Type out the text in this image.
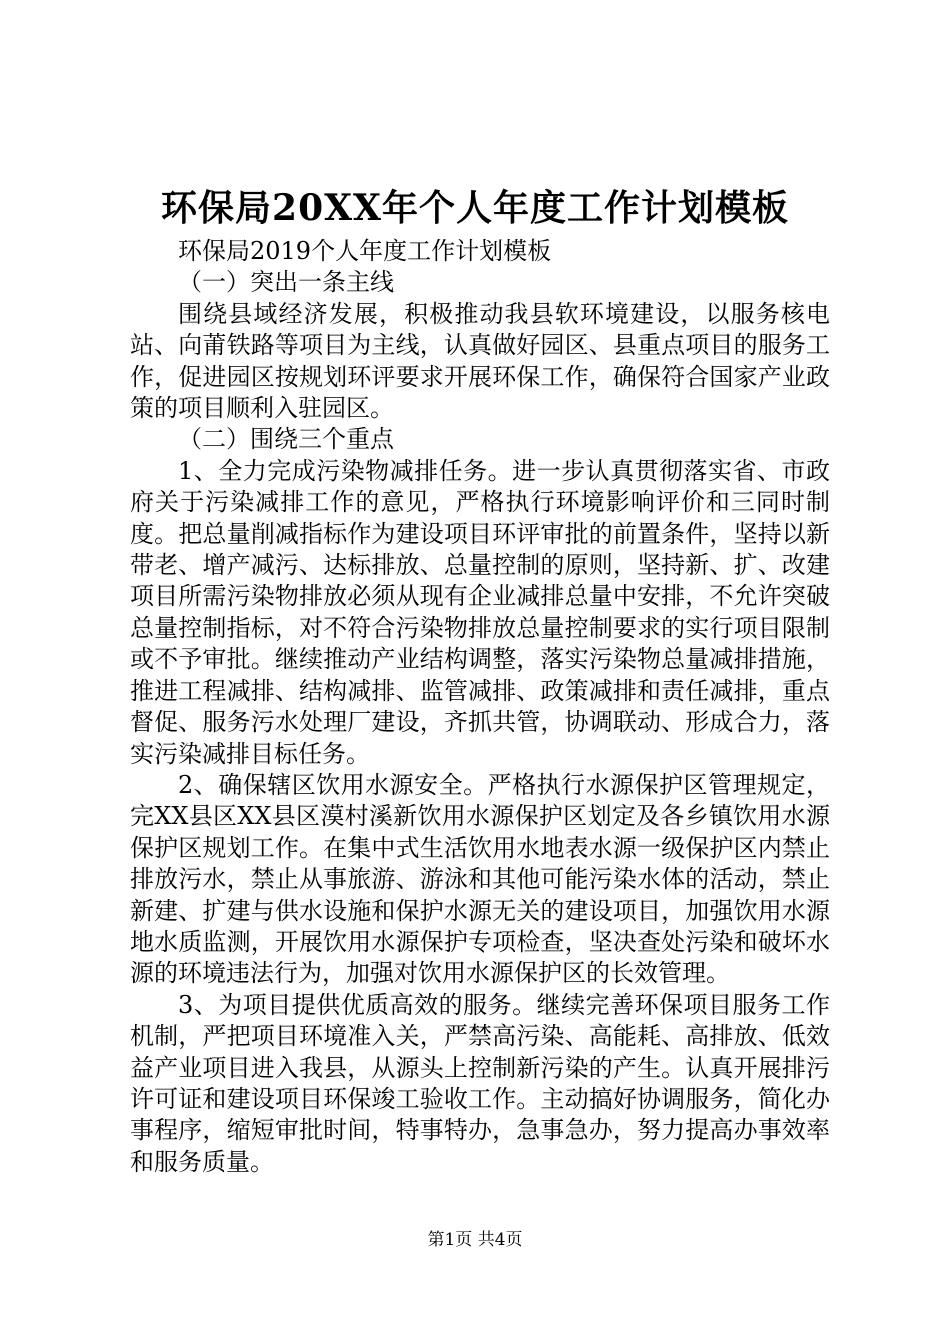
环保局20XX年个人年度工作计划模板

环保局2019个人年度工作计划模板

（一）突出一条主线

围绕县域经济发展，积极推动我县软环境建设，以服务核电站、向莆铁路等项目为主线，认真做好园区、县重点项目的服务工作，促进园区按规划环评要求开展环保工作，确保符合国家产业政策的项目顺利入驻园区。

（二）围绕三个重点

1、全力完成污染物减排任务。进一步认真贯彻落实省、市政府关于污染减排工作的意见，严格执行环境影响评价和三同时制度。把总量削减指标作为建设项目环评审批的前置条件，坚持以新带老、增产减污、达标排放、总量控制的原则，坚持新、扩、改建项目所需污染物排放必须从现有企业减排总量中安排，不允许突破总量控制指标，对不符合污染物排放总量控制要求的实行项目限制或不予审批。继续推动产业结构调整，落实污染物总量减排措施，推进工程减排、结构减排、监管减排、政策减排和责任减排，重点督促、服务污水处理厂建设，齐抓共管，协调联动、形成合力，落实污染减排目标任务。

2、确保辖区饮用水源安全。严格执行水源保护区管理规定，完XX县区XX县区漠村溪新饮用水源保护区划定及各乡镇饮用水源保护区规划工作。在集中式生活饮用水地表水源一级保护区内禁止排放污水，禁止从事旅游、游泳和其他可能污染水体的活动，禁止新建、扩建与供水设施和保护水源无关的建设项目，加强饮用水源地水质监测，开展饮用水源保护专项检查，坚决查处污染和破坏水源的环境违法行为，加强对饮用水源保护区的长效管理。

3、为项目提供优质高效的服务。继续完善环保项目服务工作机制，严把项目环境准入关，严禁高污染、高能耗、高排放、低效益产业项目进入我县，从源头上控制新污染的产生。认真开展排污许可证和建设项目环保竣工验收工作。主动搞好协调服务，简化办事程序，缩短审批时间，特事特办，急事急办，努力提高办事效率和服务质量。

第1页 共4页
